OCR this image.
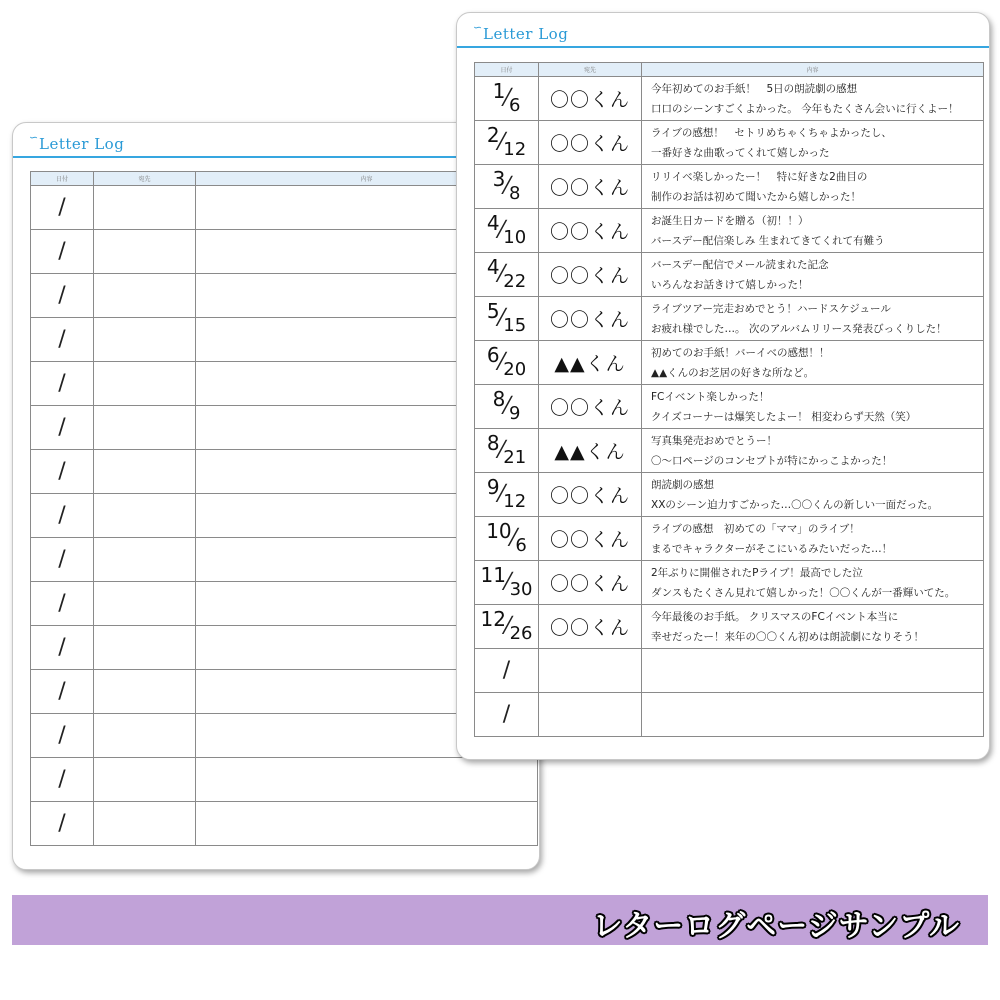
∽ Letter Log
日付	宛先	内容
/		
/		
/		
/		
/		
/		
/		
/		
/		
/		
/		
/		
/		
/		
/		
∽ Letter Log
日付	宛先	内容
1⁄6	〇〇くん	今年初めてのお手紙！　5日の朗読劇の感想
口口のシーンすごくよかった。 今年もたくさん会いに行くよー！

2⁄12	〇〇くん	ライブの感想！　セトリめちゃくちゃよかったし、
一番好きな曲歌ってくれて嬉しかった

3⁄8	〇〇くん	リリイベ楽しかったー！　特に好きな2曲目の
制作のお話は初めて聞いたから嬉しかった！

4⁄10	〇〇くん	お誕生日カードを贈る（初！！）
バースデー配信楽しみ 生まれてきてくれて有難う

4⁄22	〇〇くん	バースデー配信でメール読まれた記念
いろんなお話きけて嬉しかった！

5⁄15	〇〇くん	ライブツアー完走おめでとう！ハードスケジュール
お疲れ様でした…。 次のアルバムリリース発表びっくりした！

6⁄20	▲▲くん	初めてのお手紙！バーイベの感想！！
▲▲くんのお芝居の好きな所など。

8⁄9	〇〇くん	FCイベント楽しかった！
クイズコーナーは爆笑したよー！ 相変わらず天然（笑）

8⁄21	▲▲くん	写真集発売おめでとうー！
〇～口ページのコンセプトが特にかっこよかった！

9⁄12	〇〇くん	朗読劇の感想
XXのシーン迫力すごかった…〇〇くんの新しい一面だった。

10⁄6	〇〇くん	ライブの感想　初めての「ママ」のライブ！
まるでキャラクターがそこにいるみたいだった…！

11⁄30	〇〇くん	2年ぶりに開催されたPライブ！最高でした泣
ダンスもたくさん見れて嬉しかった！〇〇くんが一番輝いてた。

12⁄26	〇〇くん	今年最後のお手紙。 クリスマスのFCイベント本当に
幸せだったー！来年の〇〇くん初めは朗読劇になりそう！

/		
/		
レターログページサンプル
